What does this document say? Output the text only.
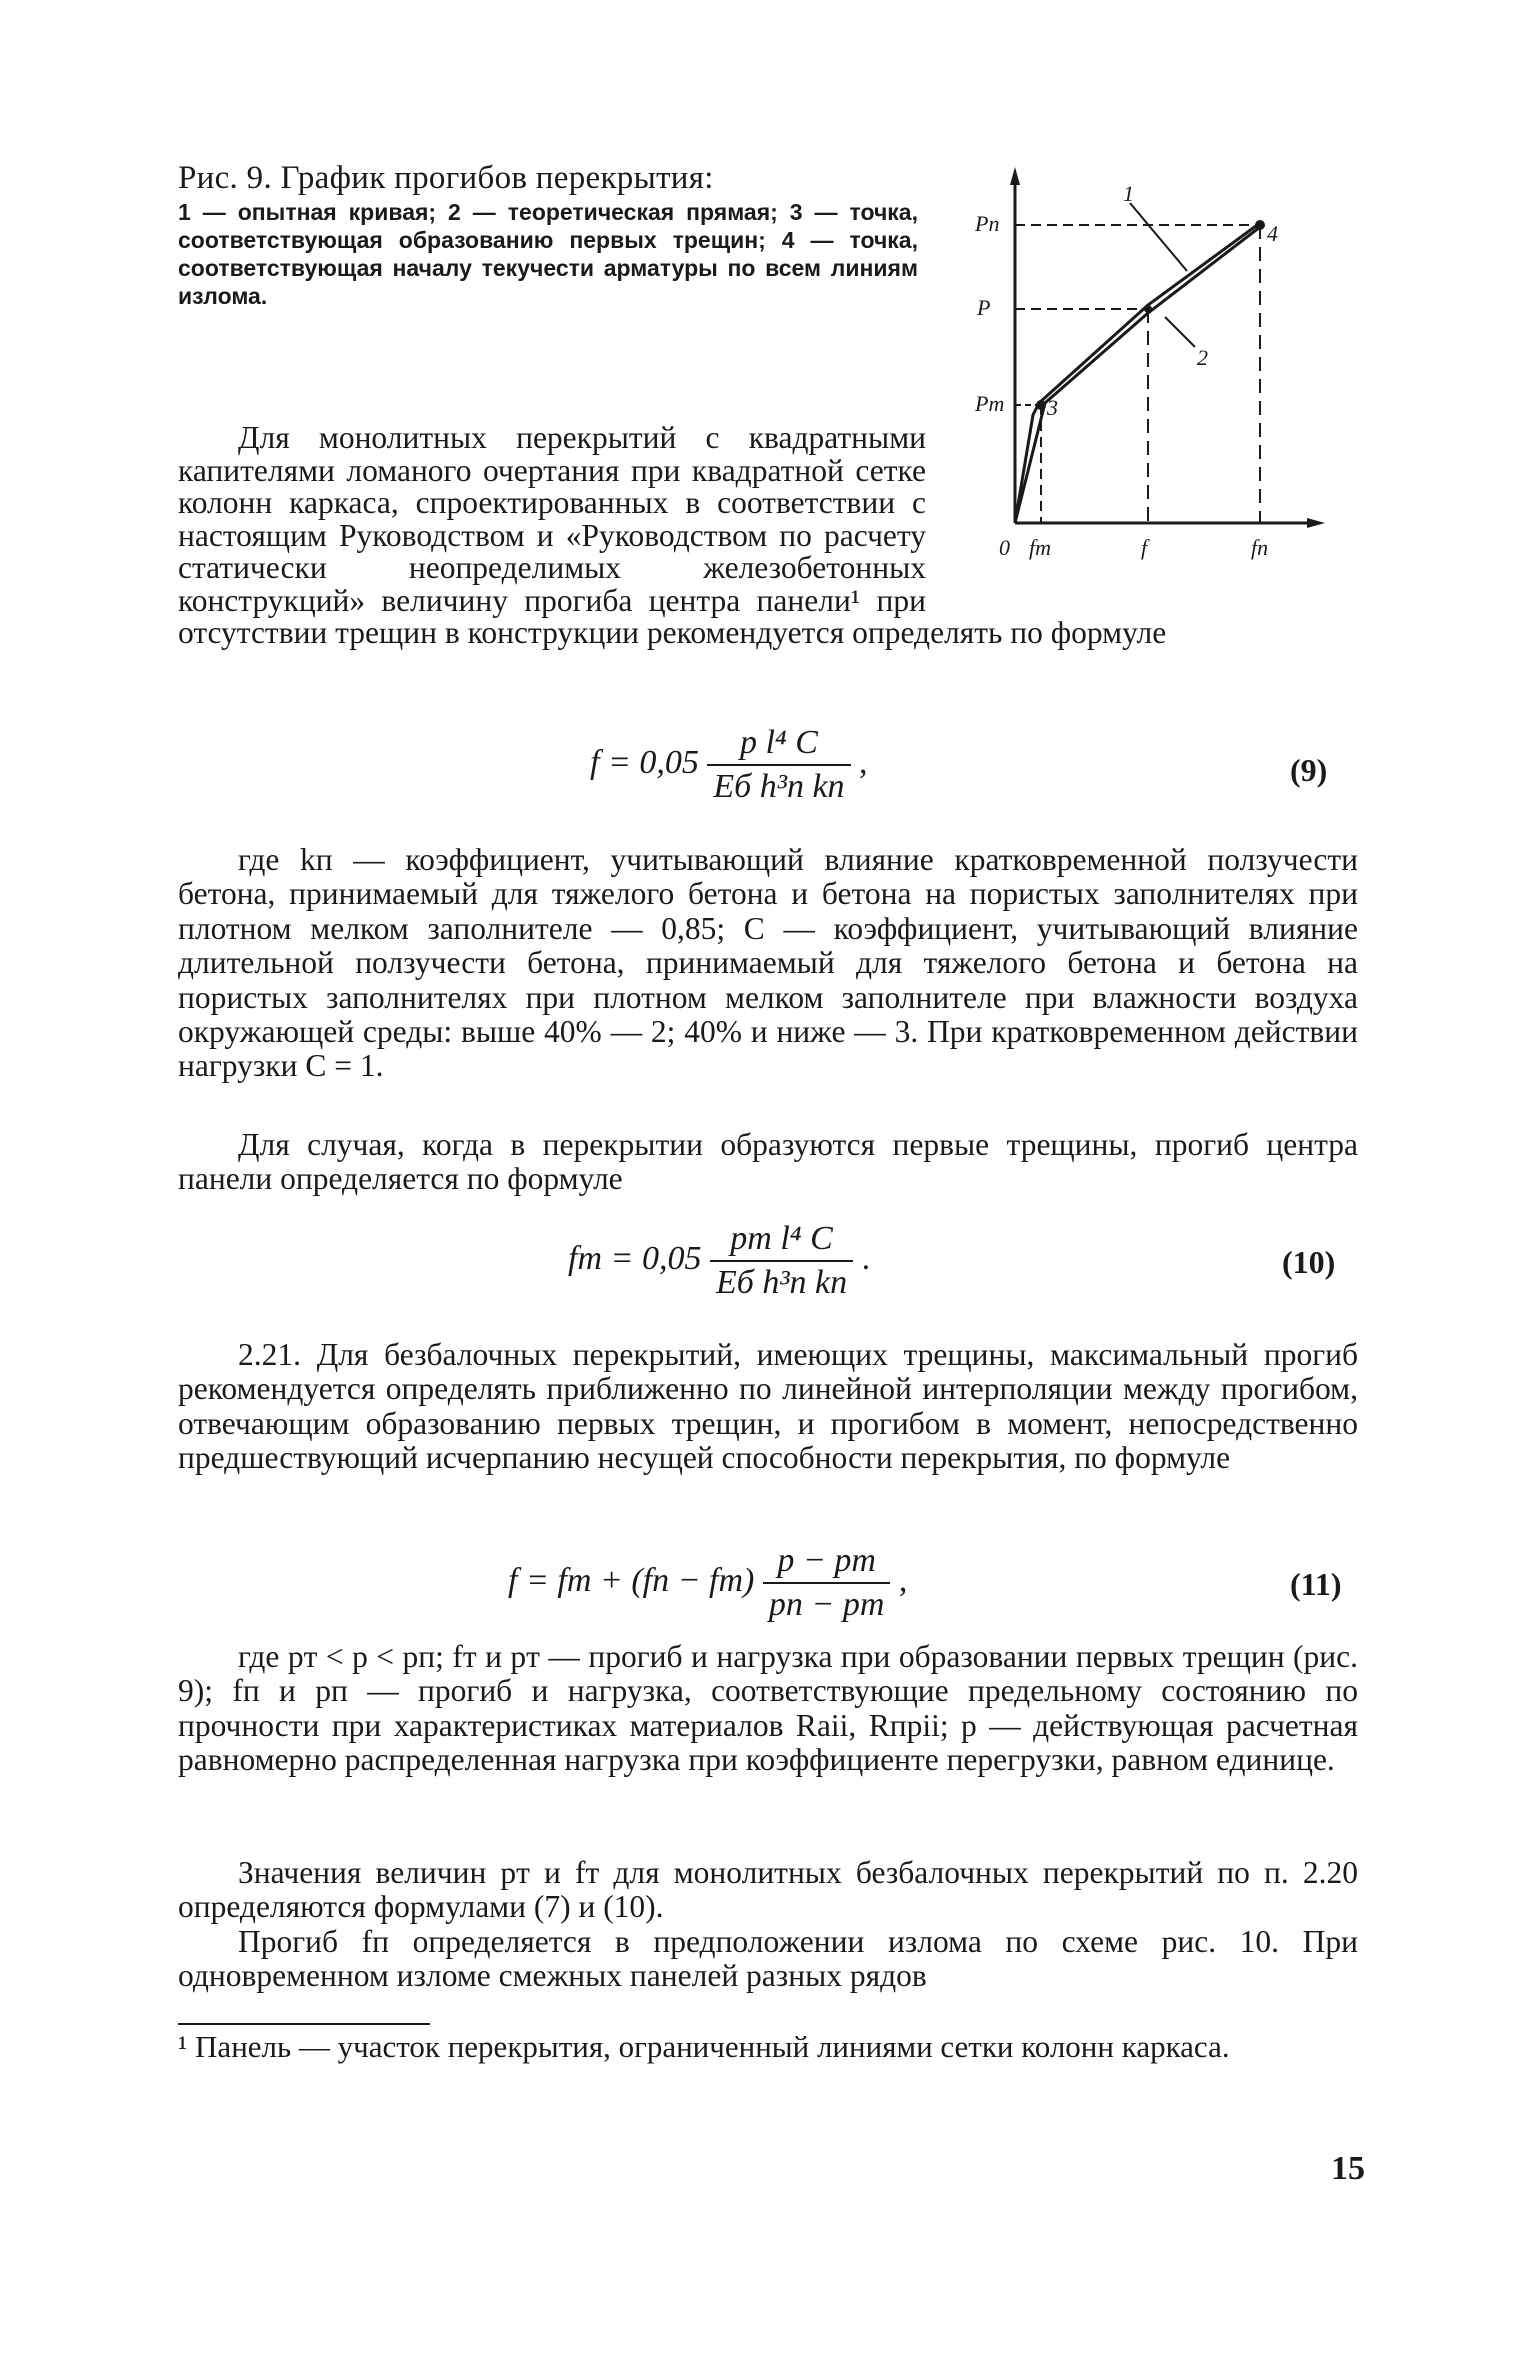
Рис. 9. График прогибов перекрытия:
1 — опытная кривая; 2 — теоретическая прямая; 3 — точка, соответствующая образованию первых трещин; 4 — точка, соответствующая началу текучести арматуры по всем линиям излома.
Pп
P
Pт
0 fт	f	fп
1
2
3
4

Для монолитных перекрытий с квадратными капителями ломаного очертания при квадратной сетке колонн каркаса, спроектированных в соответствии с настоящим Руководством и «Руководством по расчету статически неопределимых железобетонных конструкций» величину прогиба центра панели¹ при отсутствии трещин в конструкции рекомендуется определять по формуле

$f = 0,05 \frac{\text{p l⁴ C}}{\text{Eб h³п kп}}$ ,	(9)

где kп — коэффициент, учитывающий влияние кратковременной ползучести бетона, принимаемый для тяжелого бетона и бетона на пористых заполнителях при плотном мелком заполнителе — 0,85; C — коэффициент, учитывающий влияние длительной ползучести бетона, принимаемый для тяжелого бетона и бетона на пористых заполнителях при плотном мелком заполнителе при влажности воздуха окружающей среды: выше 40% — 2; 40% и ниже — 3. При кратковременном действии нагрузки C = 1.

Для случая, когда в перекрытии образуются первые трещины, прогиб центра панели определяется по формуле

fт = $0,05 \frac{\text{pт l⁴ C}}{\text{Eб h³п kп}}$ .	(10)

2.21. Для безбалочных перекрытий, имеющих трещины, максимальный прогиб рекомендуется определять приближенно по линейной интерполяции между прогибом, отвечающим образованию первых трещин, и прогибом в момент, непосредственно предшествующий исчерпанию несущей способности перекрытия, по формуле

f = fт + $(fп - fт) \frac{p - pт}{pп - pт}$ ,	(11)

где pт < p < pп; fт и pт — прогиб и нагрузка при образовании первых трещин (рис. 9); fп и pп — прогиб и нагрузка, соответствующие предельному состоянию по прочности при характеристиках материалов Rаii, Rпрii; p — действующая расчетная равномерно распределенная нагрузка при коэффициенте перегрузки, равном единице.

Значения величин pт и fт для монолитных безбалочных перекрытий по п. 2.20 определяются формулами (7) и (10).

Прогиб fп определяется в предположении излома по схеме рис. 10. При одновременном изломе смежных панелей разных рядов

¹ Панель — участок перекрытия, ограниченный линиями сетки колонн каркаса.
15
